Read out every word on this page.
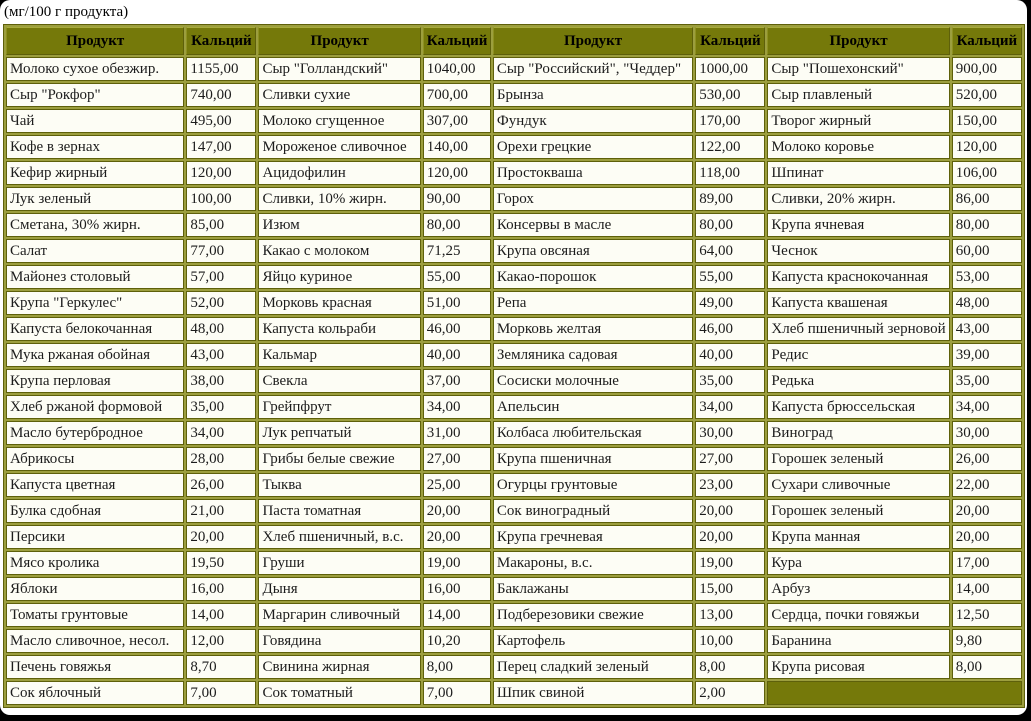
(мг/100 г продукта)
Продукт	Кальций	Продукт	Кальций	Продукт	Кальций	Продукт	Кальций
Молоко сухое обезжир.	1155,00	Сыр "Голландский"	1040,00	Сыр "Российский", "Чеддер"	1000,00	Сыр "Пошехонский"	900,00
Сыр "Рокфор"	740,00	Сливки сухие	700,00	Брынза	530,00	Сыр плавленый	520,00
Чай	495,00	Молоко сгущенное	307,00	Фундук	170,00	Творог жирный	150,00
Кофе в зернах	147,00	Мороженое сливочное	140,00	Орехи грецкие	122,00	Молоко коровье	120,00
Кефир жирный	120,00	Ацидофилин	120,00	Простокваша	118,00	Шпинат	106,00
Лук зеленый	100,00	Сливки, 10% жирн.	90,00	Горох	89,00	Сливки, 20% жирн.	86,00
Сметана, 30% жирн.	85,00	Изюм	80,00	Консервы в масле	80,00	Крупа ячневая	80,00
Салат	77,00	Какао с молоком	71,25	Крупа овсяная	64,00	Чеснок	60,00
Майонез столовый	57,00	Яйцо куриное	55,00	Какао-порошок	55,00	Капуста краснокочанная	53,00
Крупа "Геркулес"	52,00	Морковь красная	51,00	Репа	49,00	Капуста квашеная	48,00
Капуста белокочанная	48,00	Капуста кольраби	46,00	Морковь желтая	46,00	Хлеб пшеничный зерновой	43,00
Мука ржаная обойная	43,00	Кальмар	40,00	Земляника садовая	40,00	Редис	39,00
Крупа перловая	38,00	Свекла	37,00	Сосиски молочные	35,00	Редька	35,00
Хлеб ржаной формовой	35,00	Грейпфрут	34,00	Апельсин	34,00	Капуста брюссельская	34,00
Масло бутербродное	34,00	Лук репчатый	31,00	Колбаса любительская	30,00	Виноград	30,00
Абрикосы	28,00	Грибы белые свежие	27,00	Крупа пшеничная	27,00	Горошек зеленый	26,00
Капуста цветная	26,00	Тыква	25,00	Огурцы грунтовые	23,00	Сухари сливочные	22,00
Булка сдобная	21,00	Паста томатная	20,00	Сок виноградный	20,00	Горошек зеленый	20,00
Персики	20,00	Хлеб пшеничный, в.с.	20,00	Крупа гречневая	20,00	Крупа манная	20,00
Мясо кролика	19,50	Груши	19,00	Макароны, в.с.	19,00	Кура	17,00
Яблоки	16,00	Дыня	16,00	Баклажаны	15,00	Арбуз	14,00
Томаты грунтовые	14,00	Маргарин сливочный	14,00	Подберезовики свежие	13,00	Сердца, почки говяжьи	12,50
Масло сливочное, несол.	12,00	Говядина	10,20	Картофель	10,00	Баранина	9,80
Печень говяжья	8,70	Свинина жирная	8,00	Перец сладкий зеленый	8,00	Крупа рисовая	8,00
Сок яблочный	7,00	Сок томатный	7,00	Шпик свиной	2,00		
